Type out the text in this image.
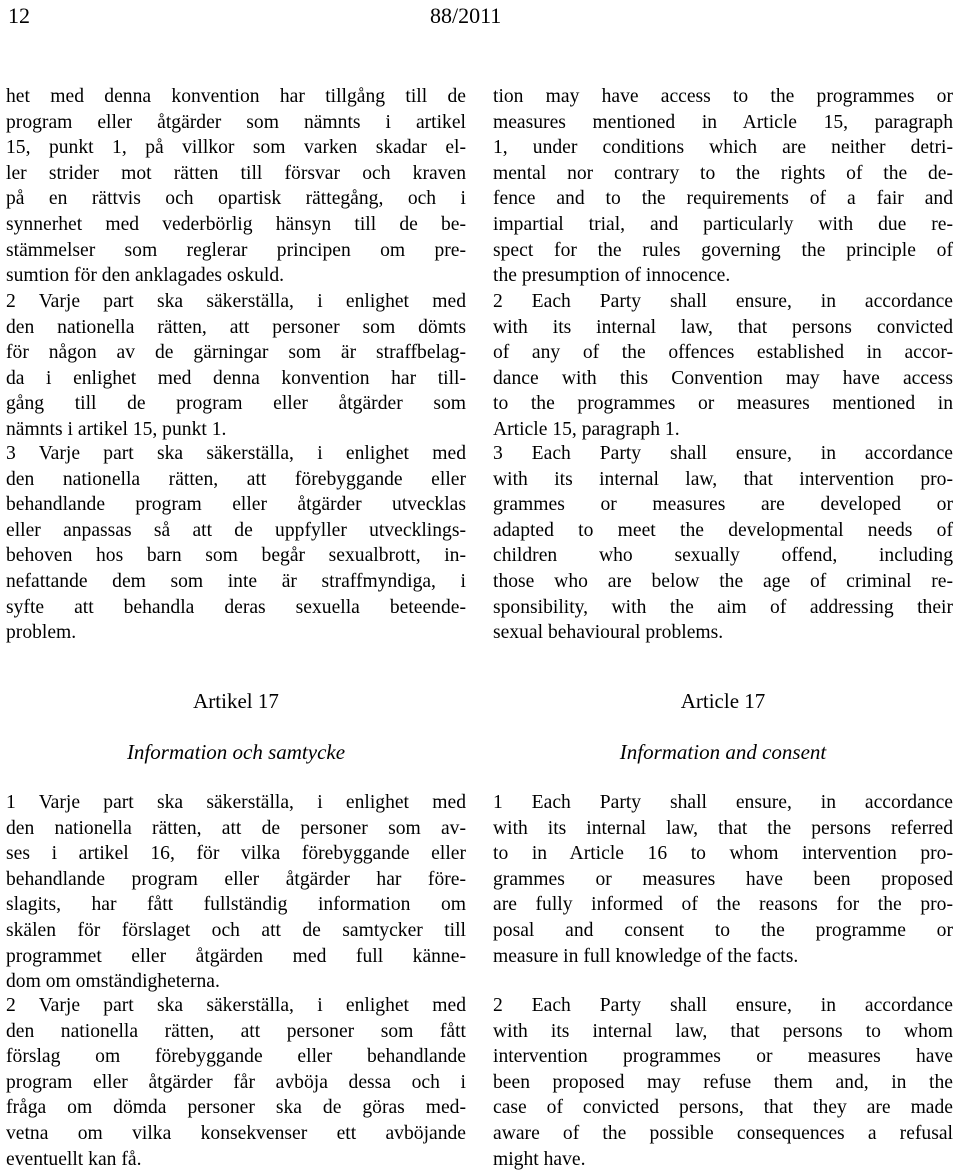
12	88/2011
het med denna konvention har tillgång till de
program eller åtgärder som nämnts i artikel
15, punkt 1, på villkor som varken skadar el-
ler strider mot rätten till försvar och kraven
på en rättvis och opartisk rättegång, och i
synnerhet med vederbörlig hänsyn till de be-
stämmelser som reglerar principen om pre-
sumtion för den anklagades oskuld.
2 Varje part ska säkerställa, i enlighet med
den nationella rätten, att personer som dömts
för någon av de gärningar som är straffbelag-
da i enlighet med denna konvention har till-
gång till de program eller åtgärder som
nämnts i artikel 15, punkt 1.
3 Varje part ska säkerställa, i enlighet med
den nationella rätten, att förebyggande eller
behandlande program eller åtgärder utvecklas
eller anpassas så att de uppfyller utvecklings-
behoven hos barn som begår sexualbrott, in-
nefattande dem som inte är straffmyndiga, i
syfte att behandla deras sexuella beteende-
problem.
Artikel 17
Information och samtycke
1 Varje part ska säkerställa, i enlighet med
den nationella rätten, att de personer som av-
ses i artikel 16, för vilka förebyggande eller
behandlande program eller åtgärder har före-
slagits, har fått fullständig information om
skälen för förslaget och att de samtycker till
programmet eller åtgärden med full känne-
dom om omständigheterna.
2 Varje part ska säkerställa, i enlighet med
den nationella rätten, att personer som fått
förslag om förebyggande eller behandlande
program eller åtgärder får avböja dessa och i
fråga om dömda personer ska de göras med-
vetna om vilka konsekvenser ett avböjande
eventuellt kan få.
tion may have access to the programmes or
measures mentioned in Article 15, paragraph
1, under conditions which are neither detri-
mental nor contrary to the rights of the de-
fence and to the requirements of a fair and
impartial trial, and particularly with due re-
spect for the rules governing the principle of
the presumption of innocence.
2 Each Party shall ensure, in accordance
with its internal law, that persons convicted
of any of the offences established in accor-
dance with this Convention may have access
to the programmes or measures mentioned in
Article 15, paragraph 1.
3 Each Party shall ensure, in accordance
with its internal law, that intervention pro-
grammes or measures are developed or
adapted to meet the developmental needs of
children who sexually offend, including
those who are below the age of criminal re-
sponsibility, with the aim of addressing their
sexual behavioural problems.
Article 17
Information and consent
1 Each Party shall ensure, in accordance
with its internal law, that the persons referred
to in Article 16 to whom intervention pro-
grammes or measures have been proposed
are fully informed of the reasons for the pro-
posal and consent to the programme or
measure in full knowledge of the facts.
2 Each Party shall ensure, in accordance
with its internal law, that persons to whom
intervention programmes or measures have
been proposed may refuse them and, in the
case of convicted persons, that they are made
aware of the possible consequences a refusal
might have.
